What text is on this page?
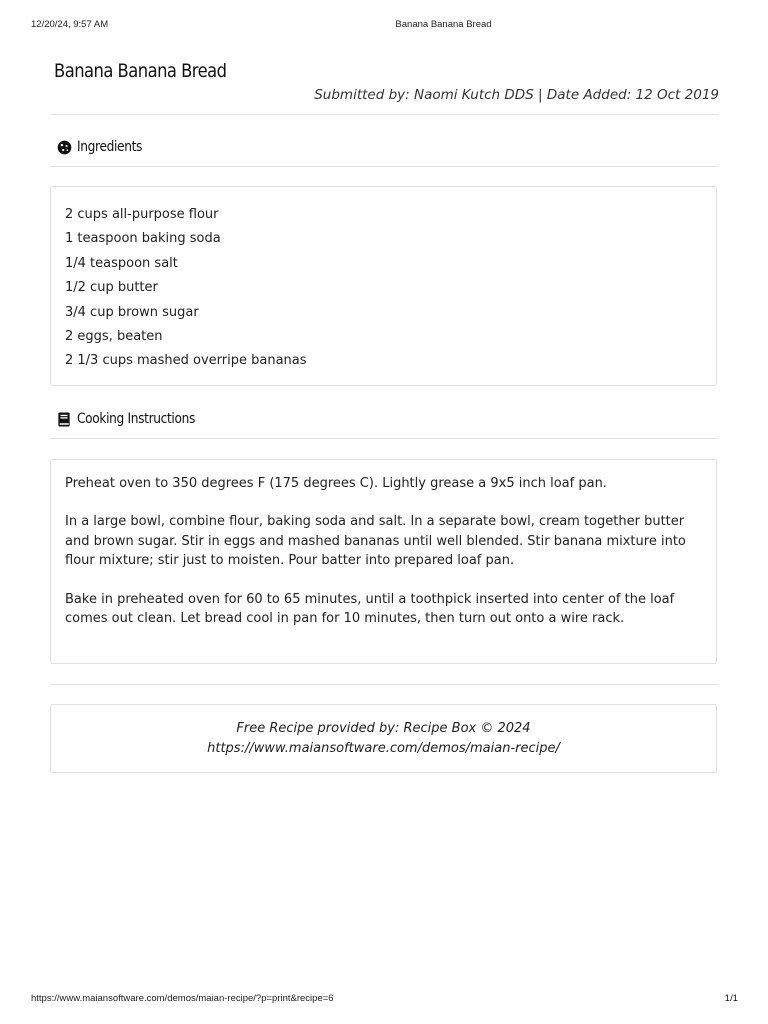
12/20/24, 9:57 AM	Banana Banana Bread
Banana Banana Bread
Submitted by: Naomi Kutch DDS | Date Added: 12 Oct 2019
Ingredients
2 cups all-purpose flour
1 teaspoon baking soda
1/4 teaspoon salt
1/2 cup butter
3/4 cup brown sugar
2 eggs, beaten
2 1/3 cups mashed overripe bananas
Cooking Instructions

Preheat oven to 350 degrees F (175 degrees C). Lightly grease a 9x5 inch loaf pan.

In a large bowl, combine flour, baking soda and salt. In a separate bowl, cream together butter and brown sugar. Stir in eggs and mashed bananas until well blended. Stir banana mixture into flour mixture; stir just to moisten. Pour batter into prepared loaf pan.

Bake in preheated oven for 60 to 65 minutes, until a toothpick inserted into center of the loaf comes out clean. Let bread cool in pan for 10 minutes, then turn out onto a wire rack.

Free Recipe provided by: Recipe Box © 2024
https://www.maiansoftware.com/demos/maian-recipe/
https://www.maiansoftware.com/demos/maian-recipe/?p=print&recipe=6	1/1
